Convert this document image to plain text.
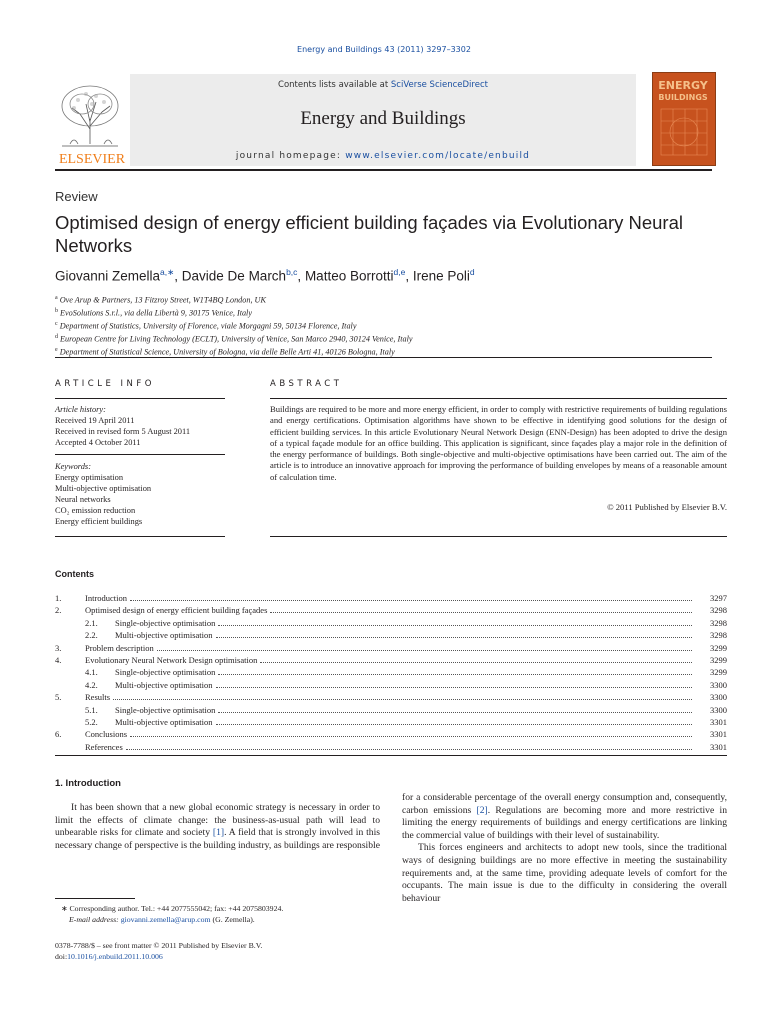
Energy and Buildings 43 (2011) 3297–3302
ELSEVIER
Contents lists available at SciVerse ScienceDirect
Energy and Buildings
journal homepage: www.elsevier.com/locate/enbuild
ENERGY
BUILDINGS
Review
Optimised design of energy efficient building façades via Evolutionary Neural Networks
Giovanni Zemella$^{a,∗}$, Davide De March$^{b,c}$, Matteo Borrotti$^{d,e}$, Irene Poli$^d$
$^a$ Ove Arup & Partners, 13 Fitzroy Street, W1T4BQ London, UK
$^b$ EvoSolutions S.r.l., via della Libertà 9, 30175 Venice, Italy
$^c$ Department of Statistics, University of Florence, viale Morgagni 59, 50134 Florence, Italy
$^d$ European Centre for Living Technology (ECLT), University of Venice, San Marco 2940, 30124 Venice, Italy
$^e$ Department of Statistical Science, University of Bologna, via delle Belle Arti 41, 40126 Bologna, Italy
ARTICLE INFO
Article history:
Received 19 April 2011
Received in revised form 5 August 2011
Accepted 4 October 2011
Keywords:
Energy optimisation
Multi-objective optimisation
Neural networks
CO₂ emission reduction
Energy efficient buildings
ABSTRACT
Buildings are required to be more and more energy efficient, in order to comply with restrictive requirements of building regulations and energy certifications. Optimisation algorithms have shown to be effective in identifying good solutions for the design of efficient building services. In this article Evolutionary Neural Network Design (ENN-Design) has been adopted to drive the design of a typical façade module for an office building. This application is significant, since façades play a major role in the definition of the energy performance of buildings. Both single-objective and multi-objective optimisations have been carried out. The aim of the article is to introduce an innovative approach for improving the performance of building envelopes by means of a reasonable amount of calculation time.
© 2011 Published by Elsevier B.V.
Contents
1.	Introduction	3297
2.	Optimised design of energy efficient building façades	3298
2.1.	Single-objective optimisation	3298
2.2.	Multi-objective optimisation	3298
3.	Problem description	3299
4.	Evolutionary Neural Network Design optimisation	3299
4.1.	Single-objective optimisation	3299
4.2.	Multi-objective optimisation	3300
5.	Results	3300
5.1.	Single-objective optimisation	3300
5.2.	Multi-objective optimisation	3301
6.	Conclusions	3301
References	3301
1. Introduction

It has been shown that a new global economic strategy is necessary in order to limit the effects of climate change: the business-as-usual path will lead to unbearable risks for climate and society [1]. A field that is strongly involved in this necessary change of perspective is the building industry, as buildings are responsible

for a considerable percentage of the overall energy consumption and, consequently, carbon emissions [2]. Regulations are becoming more and more restrictive in limiting the energy requirements of buildings and energy certifications are linking the commercial value of buildings with their level of sustainability.

This forces engineers and architects to adopt new tools, since the traditional ways of designing buildings are no more effective in meeting the sustainability requirements and, at the same time, providing adequate levels of comfort for the occupants. The main issue is due to the difficulty in considering the overall behaviour

∗ Corresponding author. Tel.: +44 2077555042; fax: +44 2075803924.
E-mail address: giovanni.zemella@arup.com (G. Zemella).
0378-7788/$ – see front matter © 2011 Published by Elsevier B.V.
doi:10.1016/j.enbuild.2011.10.006
